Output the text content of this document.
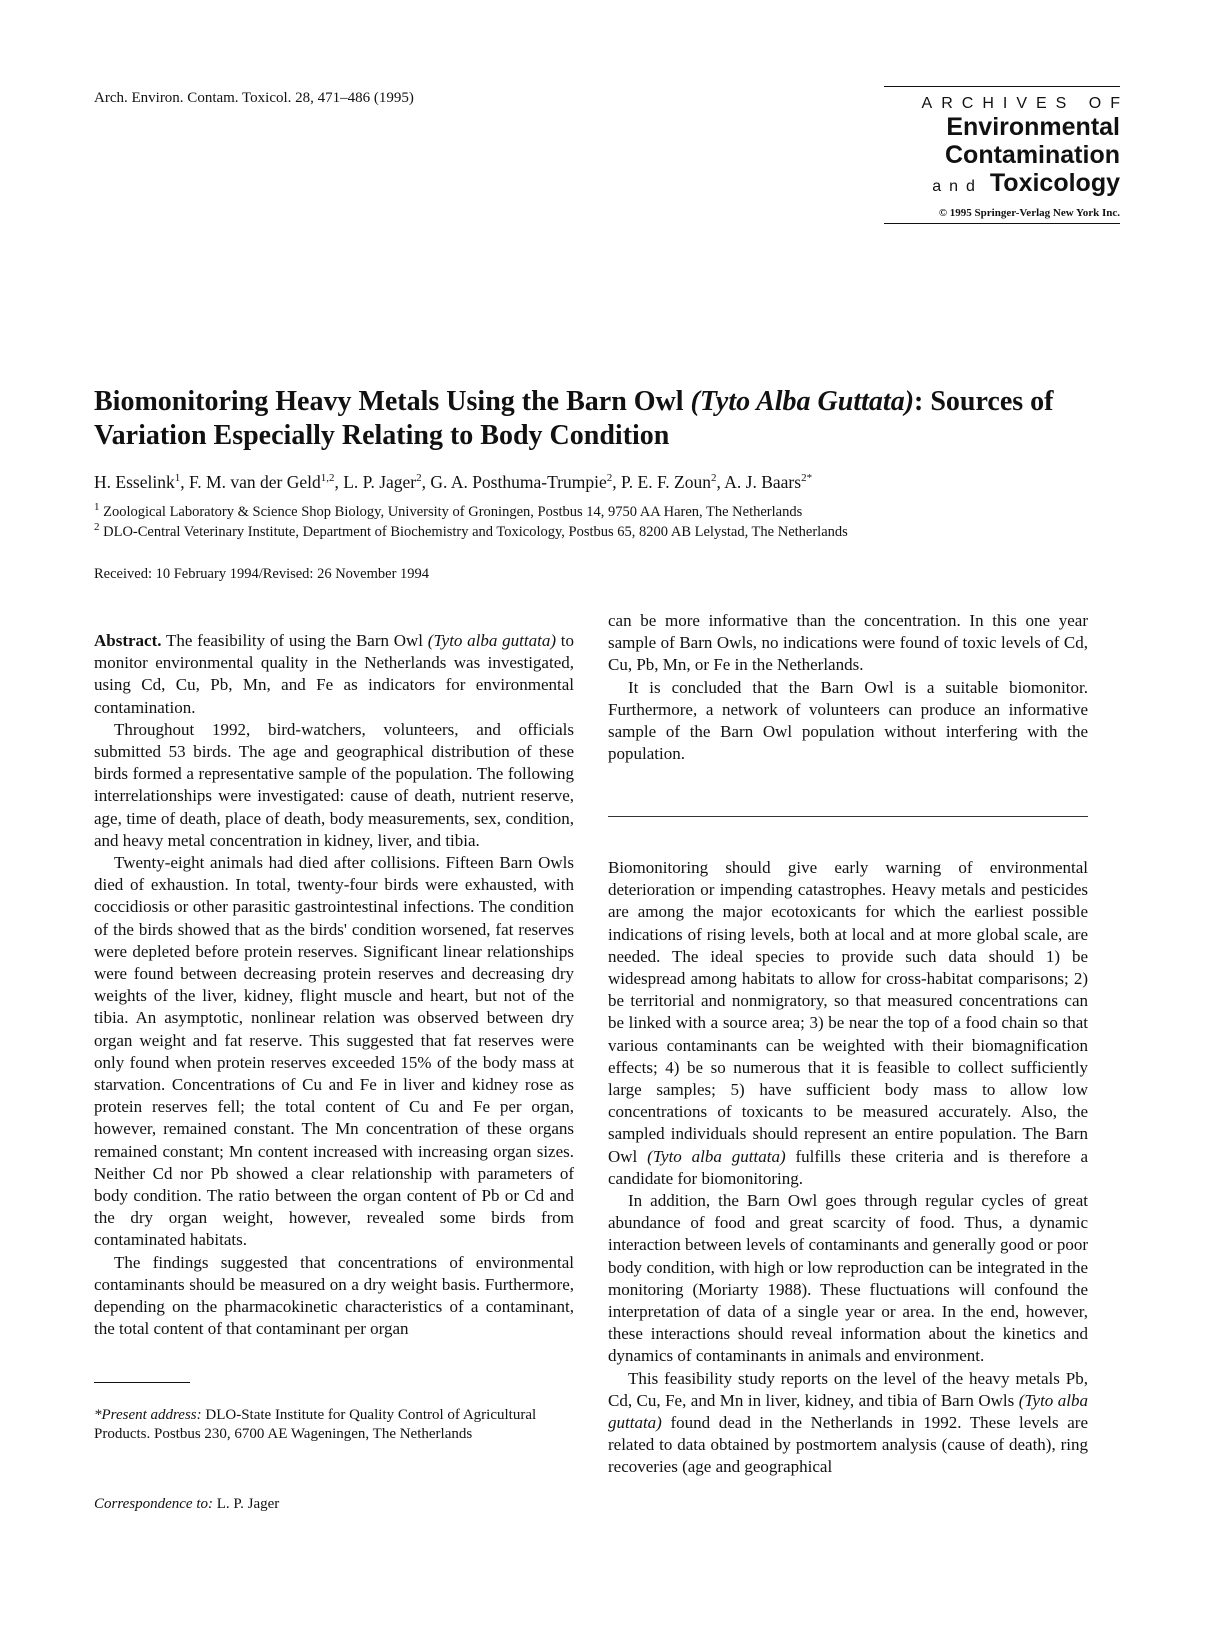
Arch. Environ. Contam. Toxicol. 28, 471–486 (1995)	ARCHIVES OF
Environmental
Contamination
and Toxicology
© 1995 Springer-Verlag New York Inc.
Biomonitoring Heavy Metals Using the Barn Owl (Tyto Alba Guttata): Sources of Variation Especially Relating to Body Condition
H. Esselink$^1$, F. M. van der Geld$^{1,2}$, L. P. Jager$^2$, G. A. Posthuma-Trumpie$^2$, P. E. F. Zoun$^2$, A. J. Baars$^{2*}$
$^1$ Zoological Laboratory & Science Shop Biology, University of Groningen, Postbus 14, 9750 AA Haren, The Netherlands
$^2$ DLO-Central Veterinary Institute, Department of Biochemistry and Toxicology, Postbus 65, 8200 AB Lelystad, The Netherlands
Received: 10 February 1994/Revised: 26 November 1994

Abstract. The feasibility of using the Barn Owl (Tyto alba guttata) to monitor environmental quality in the Netherlands was investigated, using Cd, Cu, Pb, Mn, and Fe as indicators for environmental contamination.

Throughout 1992, bird-watchers, volunteers, and officials submitted 53 birds. The age and geographical distribution of these birds formed a representative sample of the population. The following interrelationships were investigated: cause of death, nutrient reserve, age, time of death, place of death, body measurements, sex, condition, and heavy metal concentration in kidney, liver, and tibia.

Twenty-eight animals had died after collisions. Fifteen Barn Owls died of exhaustion. In total, twenty-four birds were exhausted, with coccidiosis or other parasitic gastrointestinal infections. The condition of the birds showed that as the birds' condition worsened, fat reserves were depleted before protein reserves. Significant linear relationships were found between decreasing protein reserves and decreasing dry weights of the liver, kidney, flight muscle and heart, but not of the tibia. An asymptotic, nonlinear relation was observed between dry organ weight and fat reserve. This suggested that fat reserves were only found when protein reserves exceeded 15% of the body mass at starvation. Concentrations of Cu and Fe in liver and kidney rose as protein reserves fell; the total content of Cu and Fe per organ, however, remained constant. The Mn concentration of these organs remained constant; Mn content increased with increasing organ sizes. Neither Cd nor Pb showed a clear relationship with parameters of body condition. The ratio between the organ content of Pb or Cd and the dry organ weight, however, revealed some birds from contaminated habitats.

The findings suggested that concentrations of environmental contaminants should be measured on a dry weight basis. Furthermore, depending on the pharmacokinetic characteristics of a contaminant, the total content of that contaminant per organ

can be more informative than the concentration. In this one year sample of Barn Owls, no indications were found of toxic levels of Cd, Cu, Pb, Mn, or Fe in the Netherlands.

It is concluded that the Barn Owl is a suitable biomonitor. Furthermore, a network of volunteers can produce an informative sample of the Barn Owl population without interfering with the population.

Biomonitoring should give early warning of environmental deterioration or impending catastrophes. Heavy metals and pesticides are among the major ecotoxicants for which the earliest possible indications of rising levels, both at local and at more global scale, are needed. The ideal species to provide such data should 1) be widespread among habitats to allow for cross-habitat comparisons; 2) be territorial and nonmigratory, so that measured concentrations can be linked with a source area; 3) be near the top of a food chain so that various contaminants can be weighted with their biomagnification effects; 4) be so numerous that it is feasible to collect sufficiently large samples; 5) have sufficient body mass to allow low concentrations of toxicants to be measured accurately. Also, the sampled individuals should represent an entire population. The Barn Owl (Tyto alba guttata) fulfills these criteria and is therefore a candidate for biomonitoring.

In addition, the Barn Owl goes through regular cycles of great abundance of food and great scarcity of food. Thus, a dynamic interaction between levels of contaminants and generally good or poor body condition, with high or low reproduction can be integrated in the monitoring (Moriarty 1988). These fluctuations will confound the interpretation of data of a single year or area. In the end, however, these interactions should reveal information about the kinetics and dynamics of contaminants in animals and environment.

This feasibility study reports on the level of the heavy metals Pb, Cd, Cu, Fe, and Mn in liver, kidney, and tibia of Barn Owls (Tyto alba guttata) found dead in the Netherlands in 1992. These levels are related to data obtained by postmortem analysis (cause of death), ring recoveries (age and geographical

*Present address: DLO-State Institute for Quality Control of Agricultural Products. Postbus 230, 6700 AE Wageningen, The Netherlands
Correspondence to: L. P. Jager
